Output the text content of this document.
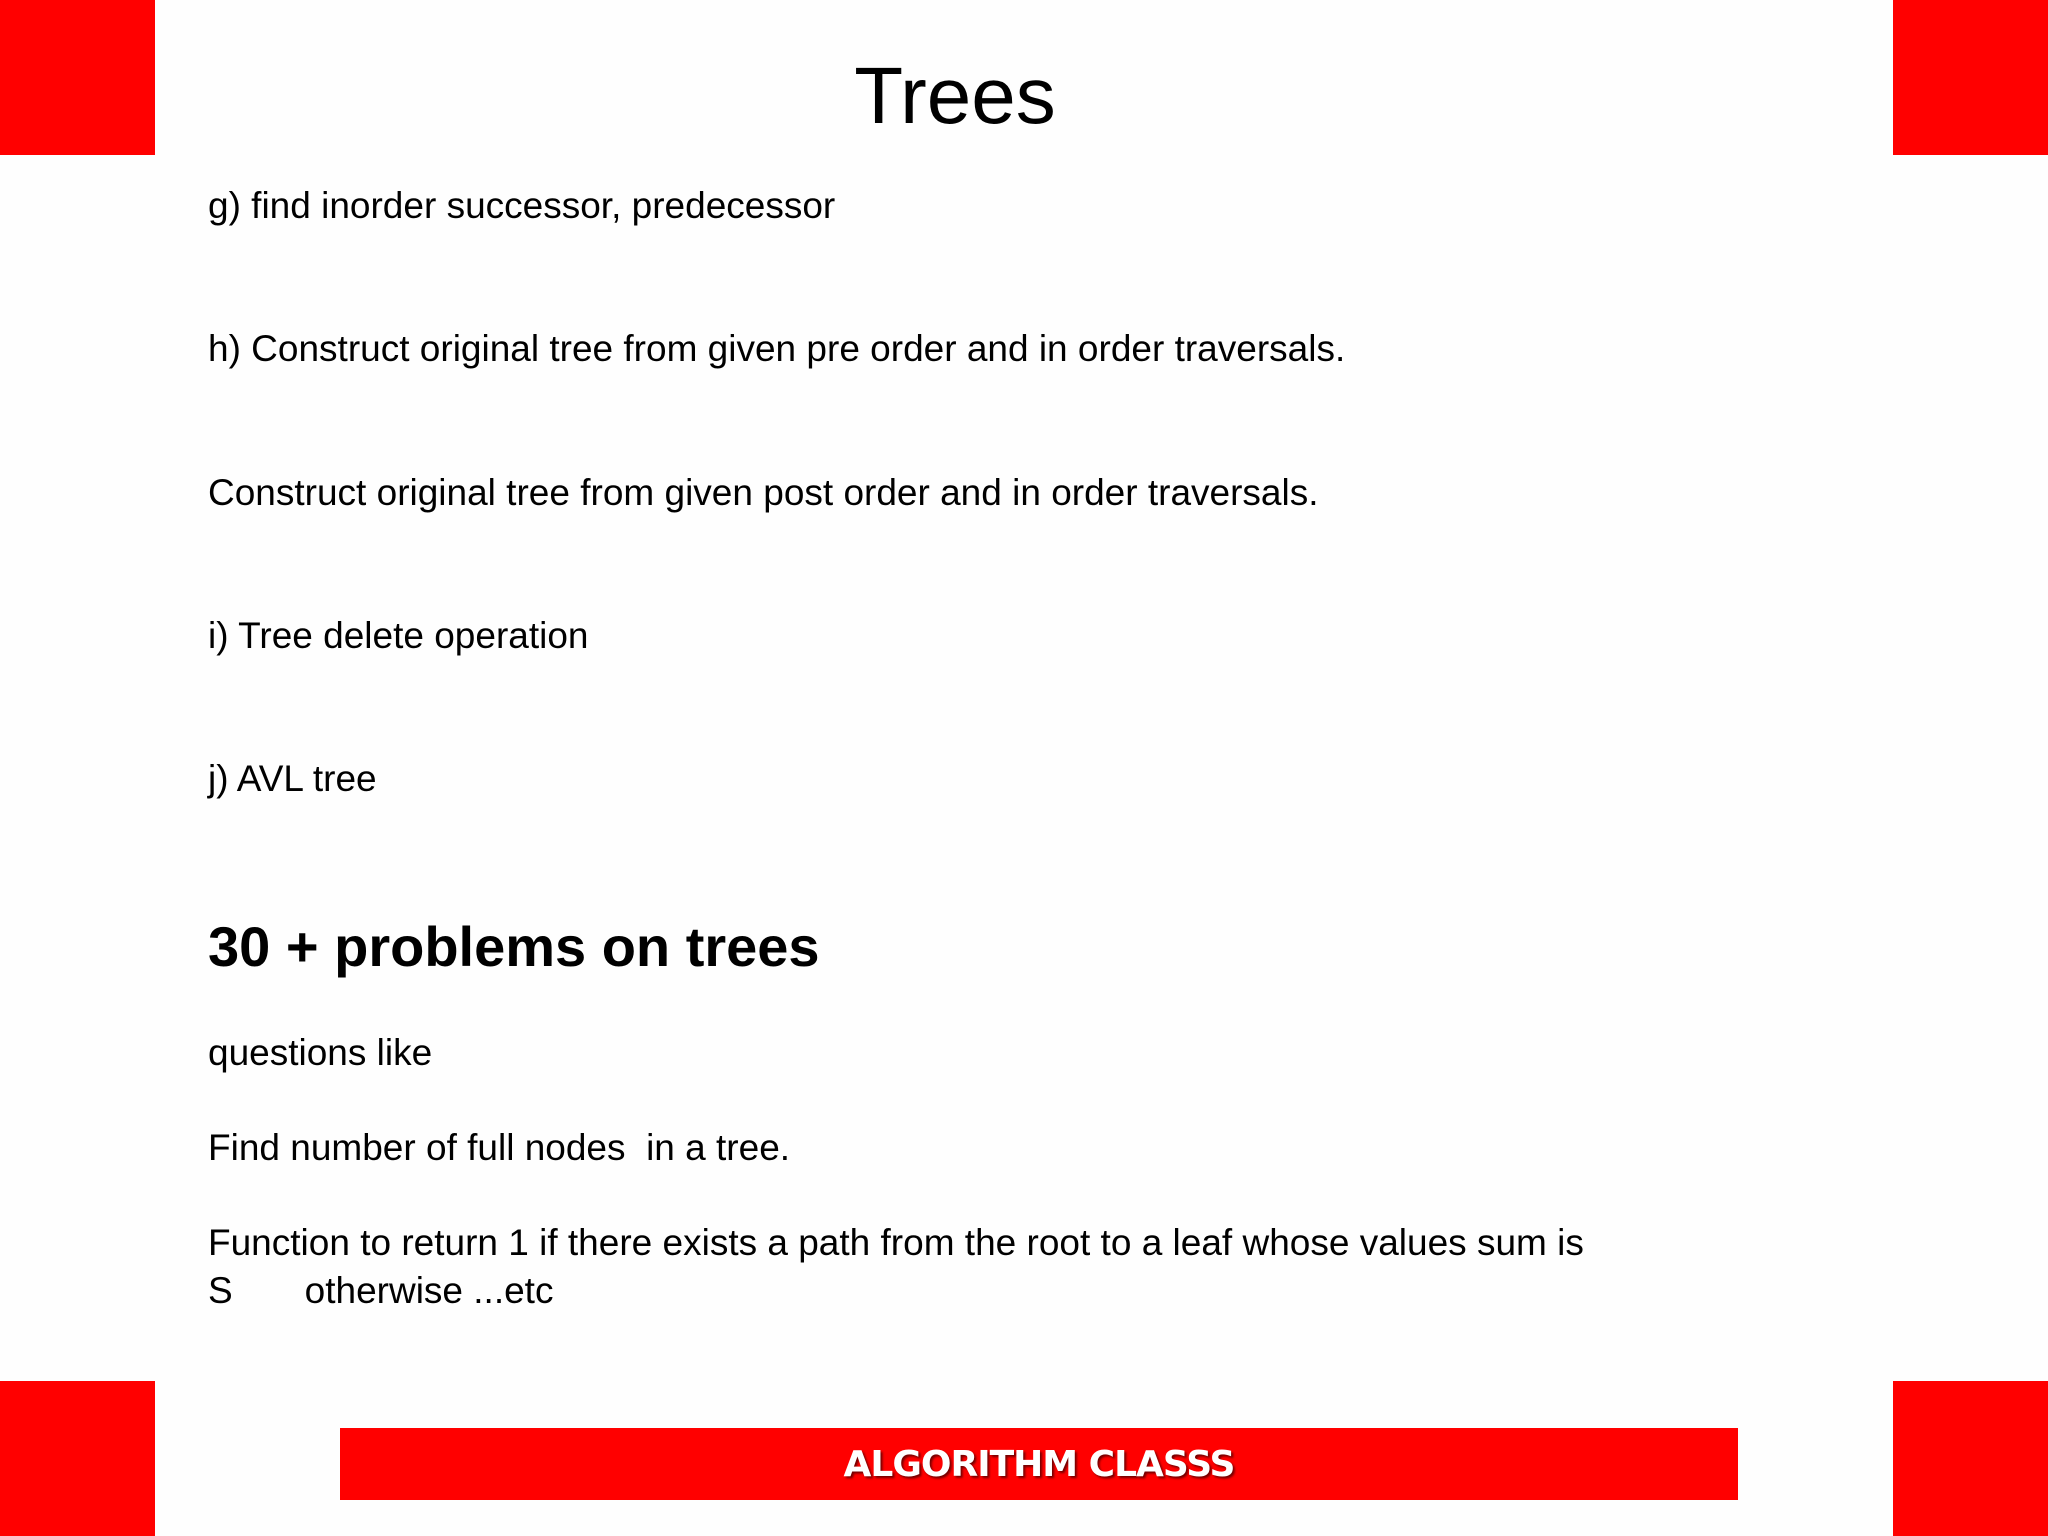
Trees
g) find inorder successor, predecessor
h) Construct original tree from given pre order and in order traversals.
Construct original tree from given post order and in order traversals.
i) Tree delete operation
j) AVL tree
30 + problems on trees
questions like
Find number of full nodes  in a tree.
Function to return 1 if there exists a path from the root to a leaf whose values sum is
S       otherwise ...etc
ALGORITHM CLASSS
